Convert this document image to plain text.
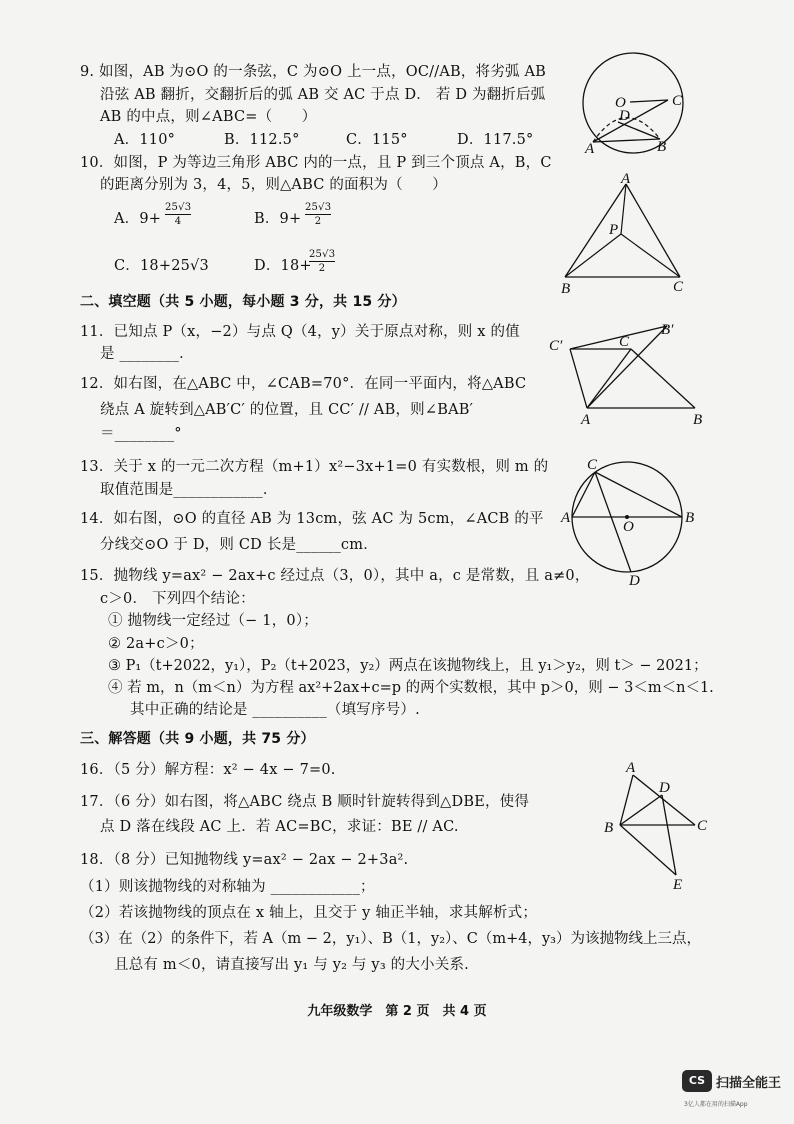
9. 如图，AB 为⊙O 的一条弦，C 为⊙O 上一点，OC//AB，将劣弧 AB
沿弦 AB 翻折，交翻折后的弧 AB 交 AC 于点 D． 若 D 为翻折后弧
AB 的中点，则∠ABC=（　　）
A．110°	B．112.5°	C．115°	D．117.5°
O	C
D
A	B
10．如图，P 为等边三角形 ABC 内的一点，且 P 到三个顶点 A，B，C
的距离分别为 3，4，5，则△ABC 的面积为（　　）
A．$9+ \frac{25√3}{4}$	B．$9+ \frac{25√3}{2}$
C．18+25√3	D．18+
$\frac{25√3}{2}$
A
P
B	C
二、填空题（共 5 小题，每小题 3 分，共 15 分）
11．已知点 P（x，−2）与点 Q（4，y）关于原点对称，则 x 的值
是 ________．
12．如右图，在△ABC 中，∠CAB=70°．在同一平面内，将△ABC
绕点 A 旋转到△AB′C′ 的位置，且 CC′ // AB，则∠BAB′
＝________°
C′	C
B′
A	B
13．关于 x 的一元二次方程（m+1）x²−3x+1=0 有实数根，则 m 的
取值范围是____________．
14．如右图，⊙O 的直径 AB 为 13cm，弦 AC 为 5cm，∠ACB 的平
分线交⊙O 于 D，则 CD 长是______cm．
C
A
O
B
D
15．抛物线 y=ax² − 2ax+c 经过点（3，0），其中 a，c 是常数，且 a≠0，
c＞0． 下列四个结论：
① 抛物线一定经过（− 1，0）；
② 2a+c＞0；
③ P₁（t+2022，y₁），P₂（t+2023，y₂）两点在该抛物线上，且 y₁＞y₂，则 t＞ − 2021；
④ 若 m，n（m＜n）为方程 ax²+2ax+c=p 的两个实数根，其中 p＞0，则 − 3＜m＜n＜1.
其中正确的结论是 __________（填写序号）.
三、解答题（共 9 小题，共 75 分）
16．（5 分）解方程：x² − 4x − 7=0.
17．（6 分）如右图，将△ABC 绕点 B 顺时针旋转得到△DBE，使得
点 D 落在线段 AC 上．若 AC=BC，求证：BE // AC.
A
D
B	C
E
18．（8 分）已知抛物线 y=ax² − 2ax − 2+3a².
（1）则该抛物线的对称轴为 ____________；
（2）若该抛物线的顶点在 x 轴上，且交于 y 轴正半轴，求其解析式；
（3）在（2）的条件下，若 A（m − 2，y₁）、B（1，y₂）、C（m+4，y₃）为该抛物线上三点，
且总有 m＜0，请直接写出 y₁ 与 y₂ 与 y₃ 的大小关系.
九年级数学　第 2 页　共 4 页
CS 扫描全能王
3亿人都在用的扫描App
